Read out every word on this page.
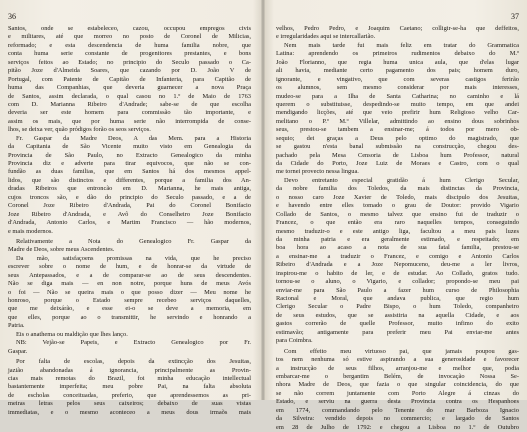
36
Santos, onde se estabeleceo, cazou, occupou empregos civis
e militares, até que morreo no posto de Coronel de Milicias,
reformado; e esta descendencia de huma familia nobre, que
conta huma serie constante de progenitores prestantes, e bons
serviços feitos ao Estado; no principio do Seculo passado o Ca-
pitão Joze d'Almeida Soares, que cazando por D. João V de
Portugal, com Patente de Capitão de Infanteria, para Capitão de
huma das Companhias, que deveria guarnecer a nova Praça
de Santos, assim declarada, o qual casou no 1.º de Maio de 1763
com D. Marianna Ribeiro d'Andrade; sabe-se de que escolha
deveria ser este homem para commissão tão importante, e
assim os mais, que por huma serie não interrompida de conse-
lhos, se deixa ver, quão pródigos forão os seos serviços.
Fr. Gaspar da Madre Deos, A das Mem. para a Historia
da Capitania de São Vicente muito visto em Genealogia da
Provincia de São Paulo, no Extracto Genealogico da minha
Provincia diz e adverte para tirar equivocos, que não se con-
fundão as duas familias, que em Santos há dos mesmos appel-
lidos, que são distinctos e differentes, porque a familia dos An-
dradas Ribeiros que entroncão em D. Marianna, he mais antiga,
cujos troncos são, e dão do principio do Seculo passado, e a de
Coronel Joze Ribeiro d'Andrada, Pai do Coronel Bonifacio
Joze Ribeiro d'Andrada, e Avô do Conselheiro Joze Bonifacio
d'Andrada, Antonio Carlos, e Martim Francisco — hão modernos,
e mais modernos.
Relativamente a Nota do Genealogico Fr. Gaspar da
Madre de Deos, sobre meus Ascendentes.
Da mão, satisfaçoens promissas na vida, que he preciso
escrever sobre o nome de hum, e de honrar-se da virtude de
seus Antepassados, e a de comparar-se ao de seus descendentes.
Não se diga mais — en non notre, porque huns de meus Avós
o foi — Não se queira mais o que posso dizer — Meu nome he
honroso, porque o Estado sempre recebeo serviços daquelles,
que me deixárão, e esse ei-o se deve a memoria, em
que elles, porque ao o transmittir, he servindo e honrando a
Patria.
Eis o anathema ou maldição que lhes lanço.
NB: Vejão-se Papeis, e Extracto Genealogico por Fr.
Gaspar.
Por falta de escolas, depois da extincção dos Jesuitas,
jazião abandonadas á ignorancia, principalmente as Provin-
cias mais remotas do Brazil, foi minha educação intellectual
bastantemente imperfeita; meu pobre Pai, na falta absoluta
de escholas conceituadas, preferio, que aprendessemos as pri-
meiras letras pelos seus caixeiros; debaixo de suas vistas
immediatas, e o mesmo aconteceo a meus dous irmaõs mais
37
velhos, Pedro Pedro, e Joaquim Caetano; colligir-se-ha que deffeitos,
e irregularidades aqui se intercallarião.
Nem mais tarde fui mais feliz em tratar do Grammatica
Latina: aprendendo os primeiros rudimentos debaixo do M.º
João Florianno, que regia huma unica aula, que d'elas lugar
ali havia, mediante certo pagamento dos pais; homem duro,
ignorante, e vingativo, que com severas castigos ferirão
os alumnos, sem mesmo considerar por mais interesses,
mudeo-se para a Ilha de Santa Catharina; no caminho e lá
querem o substituisse, despedindo-se muito tempo, em que andei
mendigando licções, até que veio prefirir hum Religioso velho Car-
melitano o P.º M.º Villelar, admittindo ao ensino dous sobrinhos
seus, prestou-se tambem a ensinar-me; á todos por mero ob-
sequio; dei graças a Deus pelo optimo do magistrado, que
se gastou n'esta banal submissão na construcção, chegou des-
pachado pela Mesa Censoria de Lisboa hum Professor, natural
da Cidade do Porto, Joze Luiz de Moraes e Castro, com o qual
me tornei provecto nessa lingua.
Devo entretanto especial gratidão á hum Clerigo Secular,
da nobre familia dos Toledos, da mais distinctas da Provincia,
o nosso caro Joze Xavier de Toledo, mais discipulo dos Jesuitas,
e havendo entre elles tomado o grau de Doutor: provido Vigario
Collado de Santos, o mesmo talvez que ensino fui de traduzir o
Francez, o que então era raro naquelles tempos, conseguindo
mesmo traduzir-o e este antigo liga, facultou a meu pais luzes
da minha patria e era geralmente estimado, e respeitado; em
boa hora ao acaso a nota de sua fatal familia, prestou-se
a ensinar-me a traduzir o Francez, e comigo e Antonio Carlos
Ribeiro d'Andrada e a Joze Nepomuceno, deu-me a ler livros,
inspirou-me o habito de ler, e de estudar. Ao Collado, gratos tudo.
tornou-se o aluno, o Vigario, e collador; propondo-se meu pai
enviar-me para São Paulo a fazer hum curso de Philosophia
Racional e Moral, que andava publica, que regio hum
Clerigo Secular o Padre Bispo, o hum Toledo, companheiro
de seus estudos, que se assistiria na aquella Cidade, e aos
gastos correrão de quelle Professor, muito infimo do exito
estimavão; antigamente para preferir meu Pai enviar-me antes
para Coimbra.
Com effeito meu virtuoso pai, que jamais poupou gas-
tos nem nenhuma só estive aspirando a sua generosidade e favorecer
a instrucção de seus filhos, arranjou-me e melhor que, podia
embarcar-me o bergantim Belém, de invocação Nossa Se-
nhora Madre de Deos, que fazia o que singular coincidencia, do que
se não correm juntamente com Porto Alegre á cinzas do
Estado, e serviu na guerra desta Provincia contra os Hespanhoes
em 1774, commandando pelo Tenente do mar Barboza Ignacio
da Silveira: vendido depois no commercio; e largado de Santos
em 28 de Julho de 1792: e chegou a Lisboa no 1.º de Outubro
